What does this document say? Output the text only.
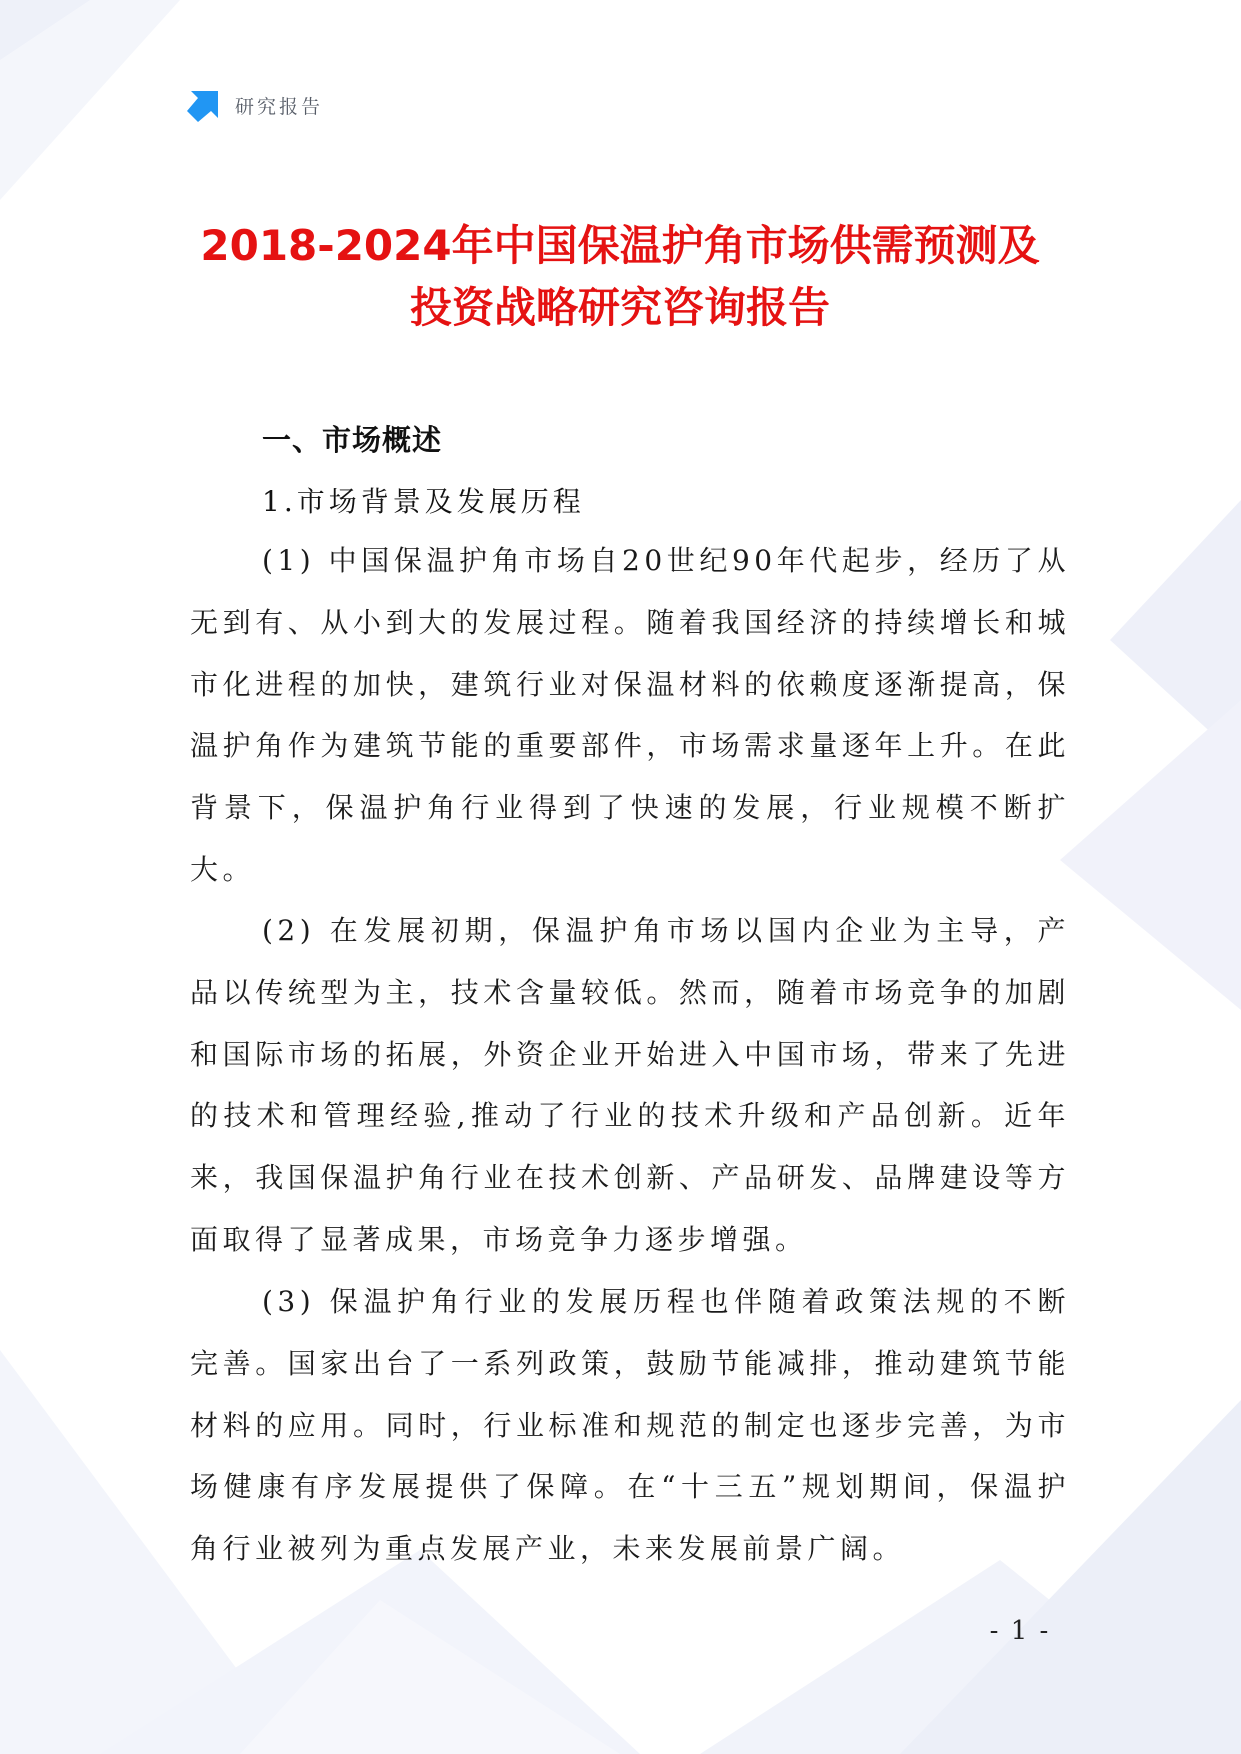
研究报告
2018-2024年中国保温护角市场供需预测及
投资战略研究咨询报告
一、市场概述
1.市场背景及发展历程

(1) 中国保温护角市场自20世纪90年代起步，经历了从无到有、从小到大的发展过程。随着我国经济的持续增长和城市化进程的加快，建筑行业对保温材料的依赖度逐渐提高，保温护角作为建筑节能的重要部件，市场需求量逐年上升。在此背景下，保温护角行业得到了快速的发展，行业规模不断扩大。

(2) 在发展初期，保温护角市场以国内企业为主导，产品以传统型为主，技术含量较低。然而，随着市场竞争的加剧和国际市场的拓展，外资企业开始进入中国市场，带来了先进的技术和管理经验,推动了行业的技术升级和产品创新。近年来，我国保温护角行业在技术创新、产品研发、品牌建设等方面取得了显著成果，市场竞争力逐步增强。

(3) 保温护角行业的发展历程也伴随着政策法规的不断完善。国家出台了一系列政策，鼓励节能减排，推动建筑节能材料的应用。同时，行业标准和规范的制定也逐步完善，为市场健康有序发展提供了保障。在“十三五”规划期间，保温护角行业被列为重点发展产业，未来发展前景广阔。

- 1 -
